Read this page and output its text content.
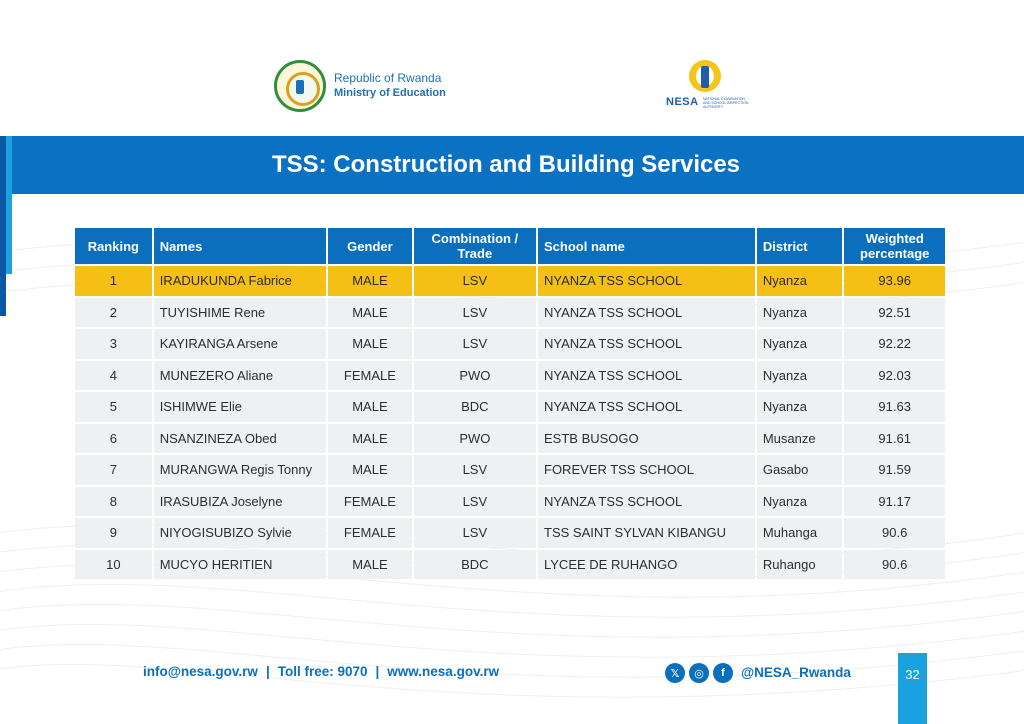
Republic of Rwanda
Ministry of Education
NESA NATIONAL EXAMINATION AND SCHOOL INSPECTION AUTHORITY
TSS: Construction and Building Services
Ranking	Names	Gender	Combination / Trade	School name	District	Weighted percentage
1	IRADUKUNDA Fabrice	MALE	LSV	NYANZA TSS SCHOOL	Nyanza	93.96
2	TUYISHIME Rene	MALE	LSV	NYANZA TSS SCHOOL	Nyanza	92.51
3	KAYIRANGA Arsene	MALE	LSV	NYANZA TSS SCHOOL	Nyanza	92.22
4	MUNEZERO Aliane	FEMALE	PWO	NYANZA TSS SCHOOL	Nyanza	92.03
5	ISHIMWE Elie	MALE	BDC	NYANZA TSS SCHOOL	Nyanza	91.63
6	NSANZINEZA Obed	MALE	PWO	ESTB BUSOGO	Musanze	91.61
7	MURANGWA Regis Tonny	MALE	LSV	FOREVER TSS SCHOOL	Gasabo	91.59
8	IRASUBIZA Joselyne	FEMALE	LSV	NYANZA TSS SCHOOL	Nyanza	91.17
9	NIYOGISUBIZO Sylvie	FEMALE	LSV	TSS SAINT SYLVAN KIBANGU	Muhanga	90.6
10	MUCYO HERITIEN	MALE	BDC	LYCEE DE RUHANGO	Ruhango	90.6
info@nesa.gov.rw | Toll free: 9070 | www.nesa.gov.rw	𝕏	◎	f	@NESA_Rwanda	32
